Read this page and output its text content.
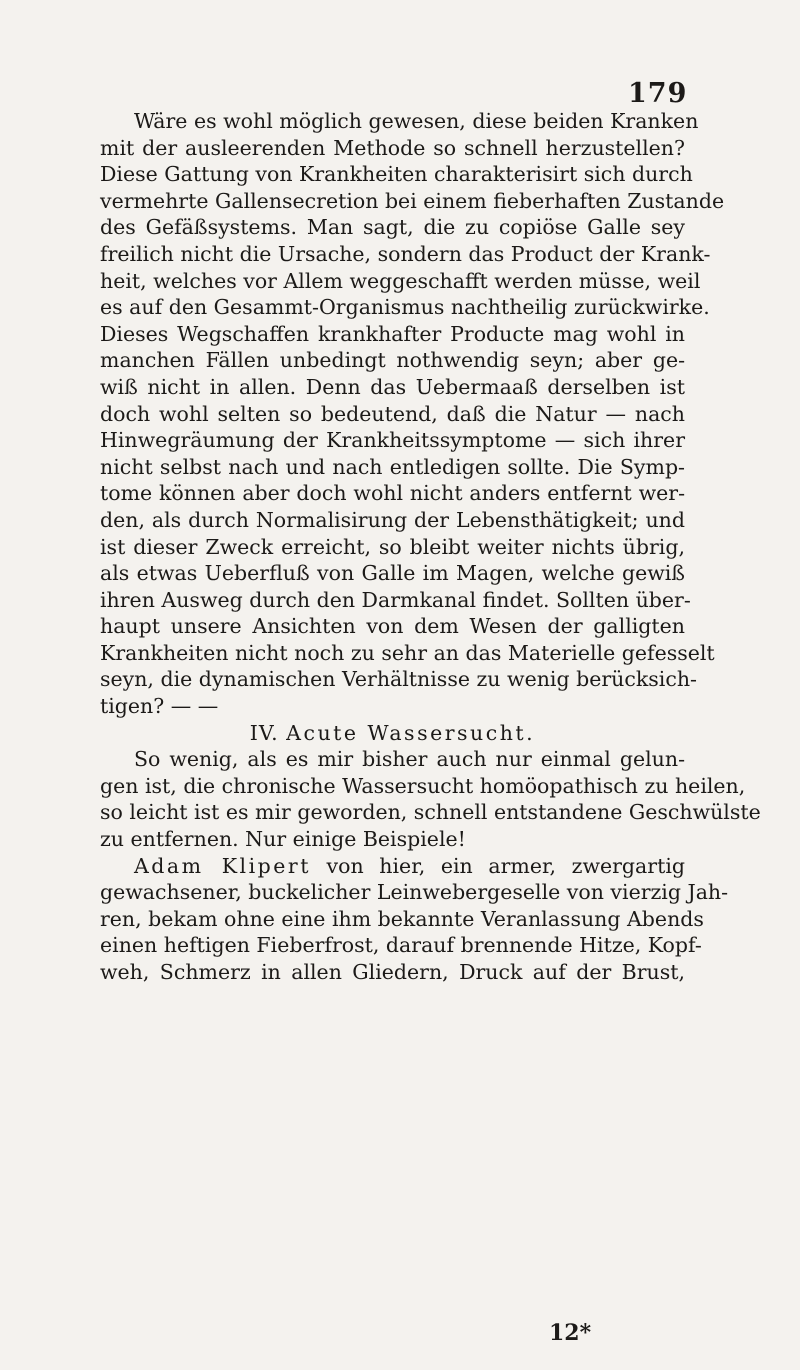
179
Wäre es wohl möglich gewesen, diese beiden Kranken
mit der ausleerenden Methode so schnell herzustellen?
Diese Gattung von Krankheiten charakterisirt sich durch
vermehrte Gallensecretion bei einem fieberhaften Zustande
des Gefäßsystems. Man sagt, die zu copiöse Galle sey
freilich nicht die Ursache, sondern das Product der Krank-
heit, welches vor Allem weggeschafft werden müsse, weil
es auf den Gesammt-Organismus nachtheilig zurückwirke.
Dieses Wegschaffen krankhafter Producte mag wohl in
manchen Fällen unbedingt nothwendig seyn; aber ge-
wiß nicht in allen. Denn das Uebermaaß derselben ist
doch wohl selten so bedeutend, daß die Natur — nach
Hinwegräumung der Krankheitssymptome — sich ihrer
nicht selbst nach und nach entledigen sollte. Die Symp-
tome können aber doch wohl nicht anders entfernt wer-
den, als durch Normalisirung der Lebensthätigkeit; und
ist dieser Zweck erreicht, so bleibt weiter nichts übrig,
als etwas Ueberfluß von Galle im Magen, welche gewiß
ihren Ausweg durch den Darmkanal findet. Sollten über-
haupt unsere Ansichten von dem Wesen der galligten
Krankheiten nicht noch zu sehr an das Materielle gefesselt
seyn, die dynamischen Verhältnisse zu wenig berücksich-
tigen? — —
IV. Acute Wassersucht.
So wenig, als es mir bisher auch nur einmal gelun-
gen ist, die chronische Wassersucht homöopathisch zu heilen,
so leicht ist es mir geworden, schnell entstandene Geschwülste
zu entfernen. Nur einige Beispiele!
Adam Klipert von hier, ein armer, zwergartig
gewachsener, buckelicher Leinwebergeselle von vierzig Jah-
ren, bekam ohne eine ihm bekannte Veranlassung Abends
einen heftigen Fieberfrost, darauf brennende Hitze, Kopf-
weh, Schmerz in allen Gliedern, Druck auf der Brust,
12*
